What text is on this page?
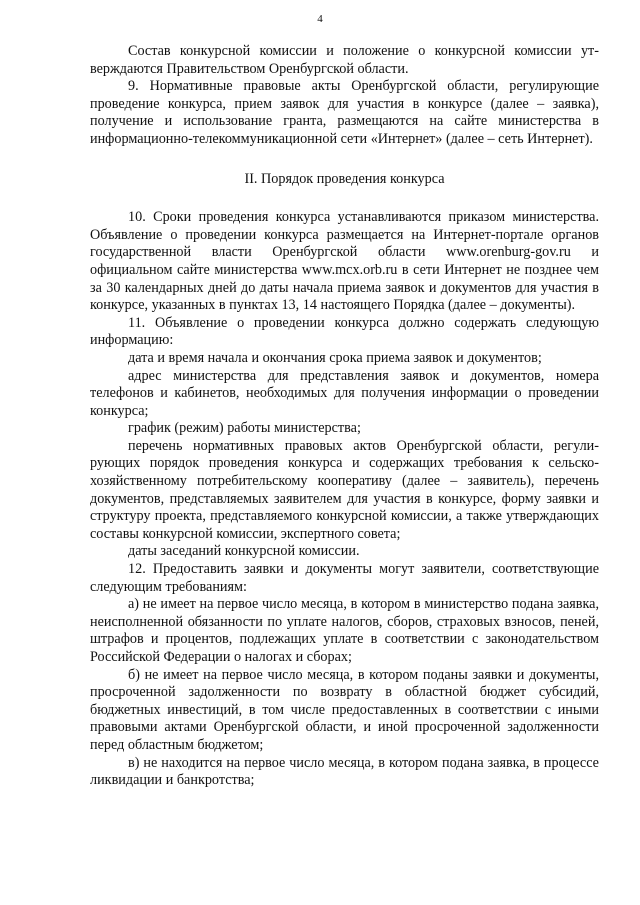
4

Состав конкурсной комиссии и положение о конкурсной комиссии утверждаются Правительством Оренбургской области.

9. Нормативные правовые акты Оренбургской области, регулирующие проведение конкурса, прием заявок для участия в конкурсе (далее – заявка), получение и использование гранта, размещаются на сайте министерства в информационно-телекоммуникационной сети «Интернет» (далее – сеть Интернет).

II. Порядок проведения конкурса

10. Сроки проведения конкурса устанавливаются приказом министерства. Объявление о проведении конкурса размещается на Интернет-портале органов государственной власти Оренбургской области www.orenburg-gov.ru и официальном сайте министерства www.mcx.orb.ru в сети Интернет не позднее чем за 30 календарных дней до даты начала приема заявок и документов для участия в конкурсе, указанных в пунктах 13, 14 настоящего Порядка (далее – документы).

11. Объявление о проведении конкурса должно содержать следующую информацию:

дата и время начала и окончания срока приема заявок и документов;

адрес министерства для представления заявок и документов, номера телефонов и кабинетов, необходимых для получения информации о проведении конкурса;

график (режим) работы министерства;

перечень нормативных правовых актов Оренбургской области, регулирующих порядок проведения конкурса и содержащих требования к сельскохозяйственному потребительскому кооперативу (далее – заявитель), перечень документов, представляемых заявителем для участия в конкурсе, форму заявки и структуру проекта, представляемого конкурсной комиссии, а также утверждающих составы конкурсной комиссии, экспертного совета;

даты заседаний конкурсной комиссии.

12. Предоставить заявки и документы могут заявители, соответствующие следующим требованиям:

а) не имеет на первое число месяца, в котором в министерство подана заявка, неисполненной обязанности по уплате налогов, сборов, страховых взносов, пеней, штрафов и процентов, подлежащих уплате в соответствии с законодательством Российской Федерации о налогах и сборах;

б) не имеет на первое число месяца, в котором поданы заявки и документы, просроченной задолженности по возврату в областной бюджет субсидий, бюджетных инвестиций, в том числе предоставленных в соответствии с иными правовыми актами Оренбургской области, и иной просроченной задолженности перед областным бюджетом;

в) не находится на первое число месяца, в котором подана заявка, в процессе ликвидации и банкротства;
